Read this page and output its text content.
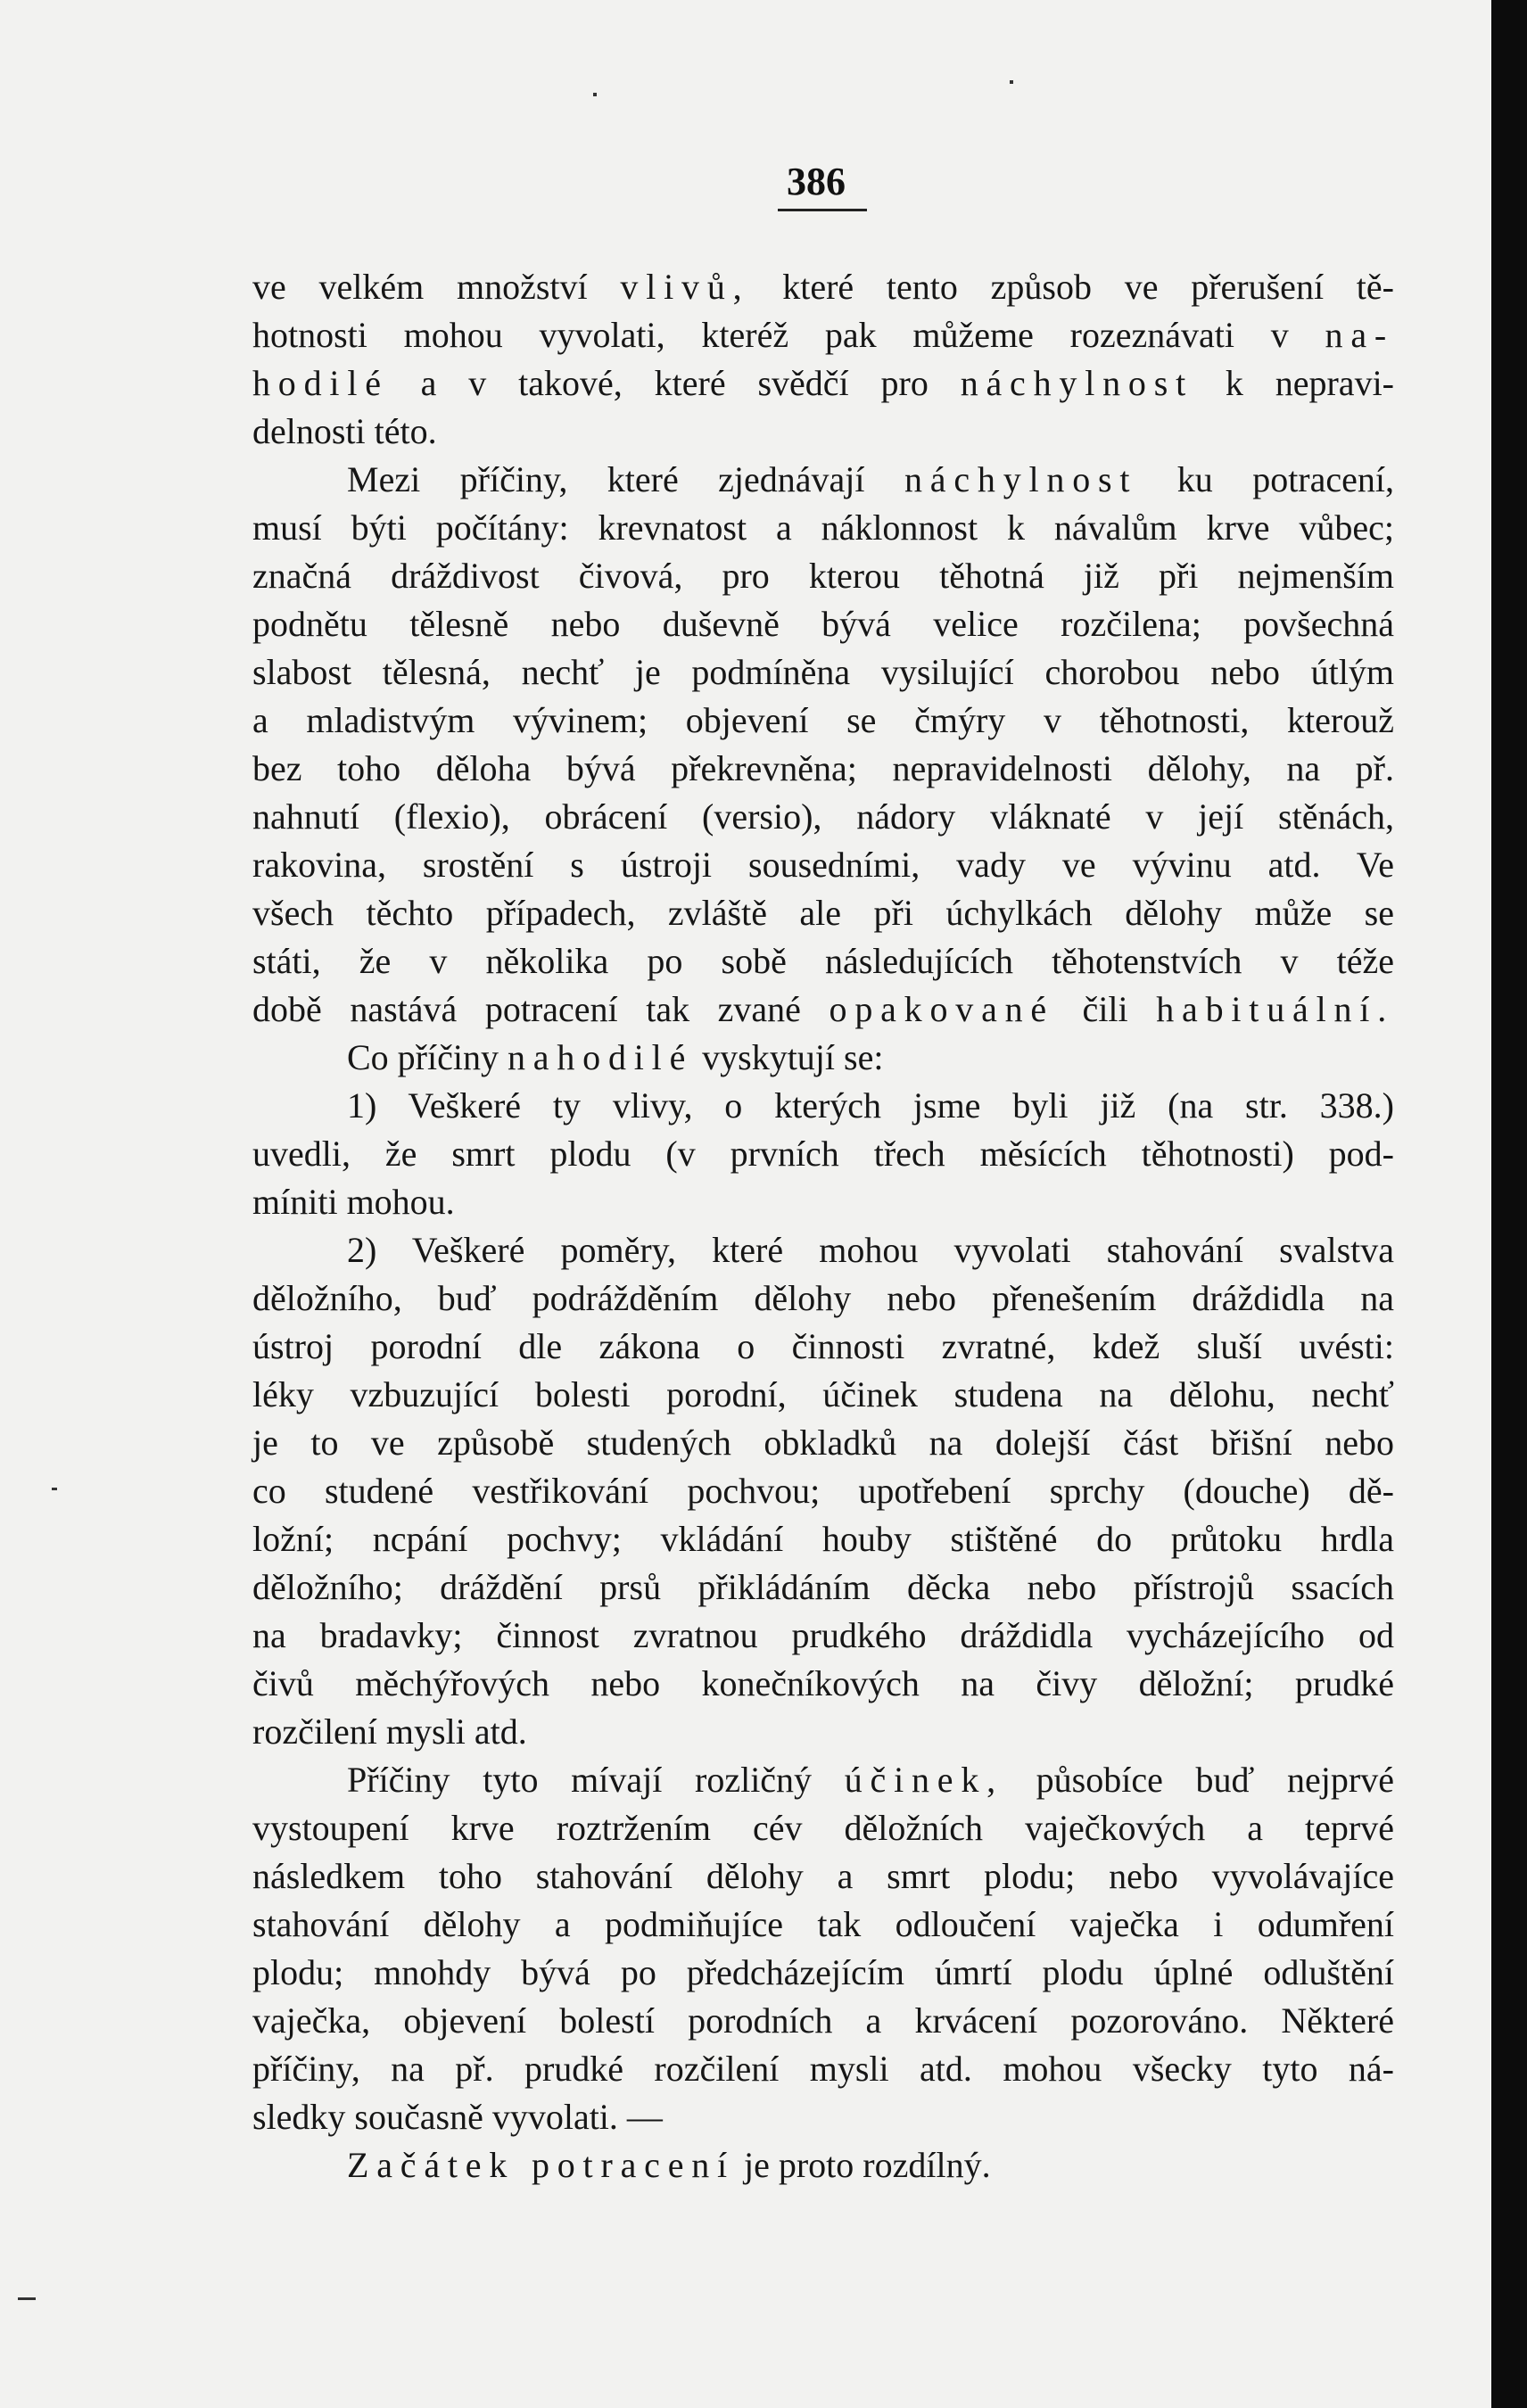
386
ve velkém množství vlivů, které tento způsob ve přerušení tě-
hotnosti mohou vyvolati, kteréž pak můžeme rozeznávati v na-
hodilé a v takové, které svědčí pro náchylnost k nepravi-
delnosti této.
Mezi příčiny, které zjednávají náchylnost ku potracení,
musí býti počítány: krevnatost a náklonnost k návalům krve vůbec;
značná dráždivost čivová, pro kterou těhotná již při nejmenším
podnětu tělesně nebo duševně bývá velice rozčilena; povšechná
slabost tělesná, nechť je podmíněna vysilující chorobou nebo útlým
a mladistvým vývinem; objevení se čmýry v těhotnosti, kterouž
bez toho děloha bývá překrevněna; nepravidelnosti dělohy, na př.
nahnutí (flexio), obrácení (versio), nádory vláknaté v její stěnách,
rakovina, srostění s ústroji sousedními, vady ve vývinu atd. Ve
všech těchto případech, zvláště ale při úchylkách dělohy může se
státi, že v několika po sobě následujících těhotenstvích v téže
době nastává potracení tak zvané opakované čili habituální.
Co příčiny nahodilé vyskytují se:
1) Veškeré ty vlivy, o kterých jsme byli již (na str. 338.)
uvedli, že smrt plodu (v prvních třech měsících těhotnosti) pod-
míniti mohou.
2) Veškeré poměry, které mohou vyvolati stahování svalstva
děložního, buď podrážděním dělohy nebo přenešením dráždidla na
ústroj porodní dle zákona o činnosti zvratné, kdež sluší uvésti:
léky vzbuzující bolesti porodní, účinek studena na dělohu, nechť
je to ve způsobě studených obkladků na dolejší část břišní nebo
co studené vestřikování pochvou; upotřebení sprchy (douche) dě-
ložní; ncpání pochvy; vkládání houby stištěné do průtoku hrdla
děložního; dráždění prsů přikládáním děcka nebo přístrojů ssacích
na bradavky; činnost zvratnou prudkého dráždidla vycházejícího od
čivů měchýřových nebo konečníkových na čivy děložní; prudké
rozčilení mysli atd.
Příčiny tyto mívají rozličný účinek, působíce buď nejprvé
vystoupení krve roztržením cév děložních vaječkových a teprvé
následkem toho stahování dělohy a smrt plodu; nebo vyvolávajíce
stahování dělohy a podmiňujíce tak odloučení vaječka i odumření
plodu; mnohdy bývá po předcházejícím úmrtí plodu úplné odluštění
vaječka, objevení bolestí porodních a krvácení pozorováno. Některé
příčiny, na př. prudké rozčilení mysli atd. mohou všecky tyto ná-
sledky současně vyvolati. —
Začátek potracení je proto rozdílný.
